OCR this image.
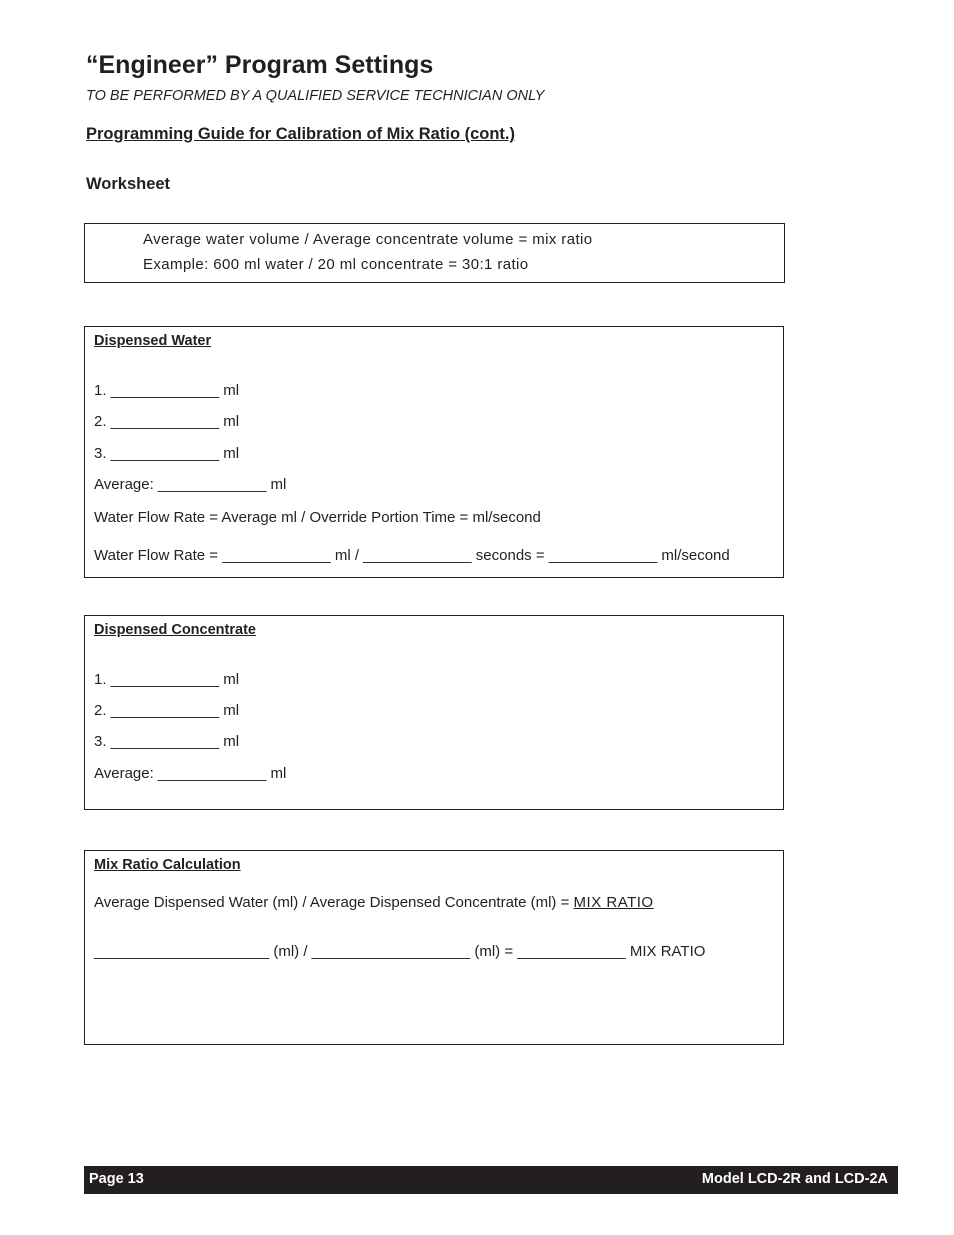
“Engineer” Program Settings
TO BE PERFORMED BY A QUALIFIED SERVICE TECHNICIAN ONLY
Programming Guide for Calibration of Mix Ratio (cont.)
Worksheet
Average water volume / Average concentrate volume = mix ratio
Example: 600 ml water / 20 ml concentrate = 30:1 ratio
Dispensed Water
1. _____________ ml
2. _____________ ml
3. _____________ ml
Average: _____________ ml
Water Flow Rate = Average ml / Override Portion Time = ml/second
Water Flow Rate = _____________ ml / _____________ seconds = _____________ ml/second
Dispensed Concentrate
1. _____________ ml
2. _____________ ml
3. _____________ ml
Average: _____________ ml
Mix Ratio Calculation
Average Dispensed Water (ml) / Average Dispensed Concentrate (ml) = MIX RATIO
_____________________ (ml) / ___________________ (ml) = _____________ MIX RATIO
Page 13	Model LCD-2R and LCD-2A
